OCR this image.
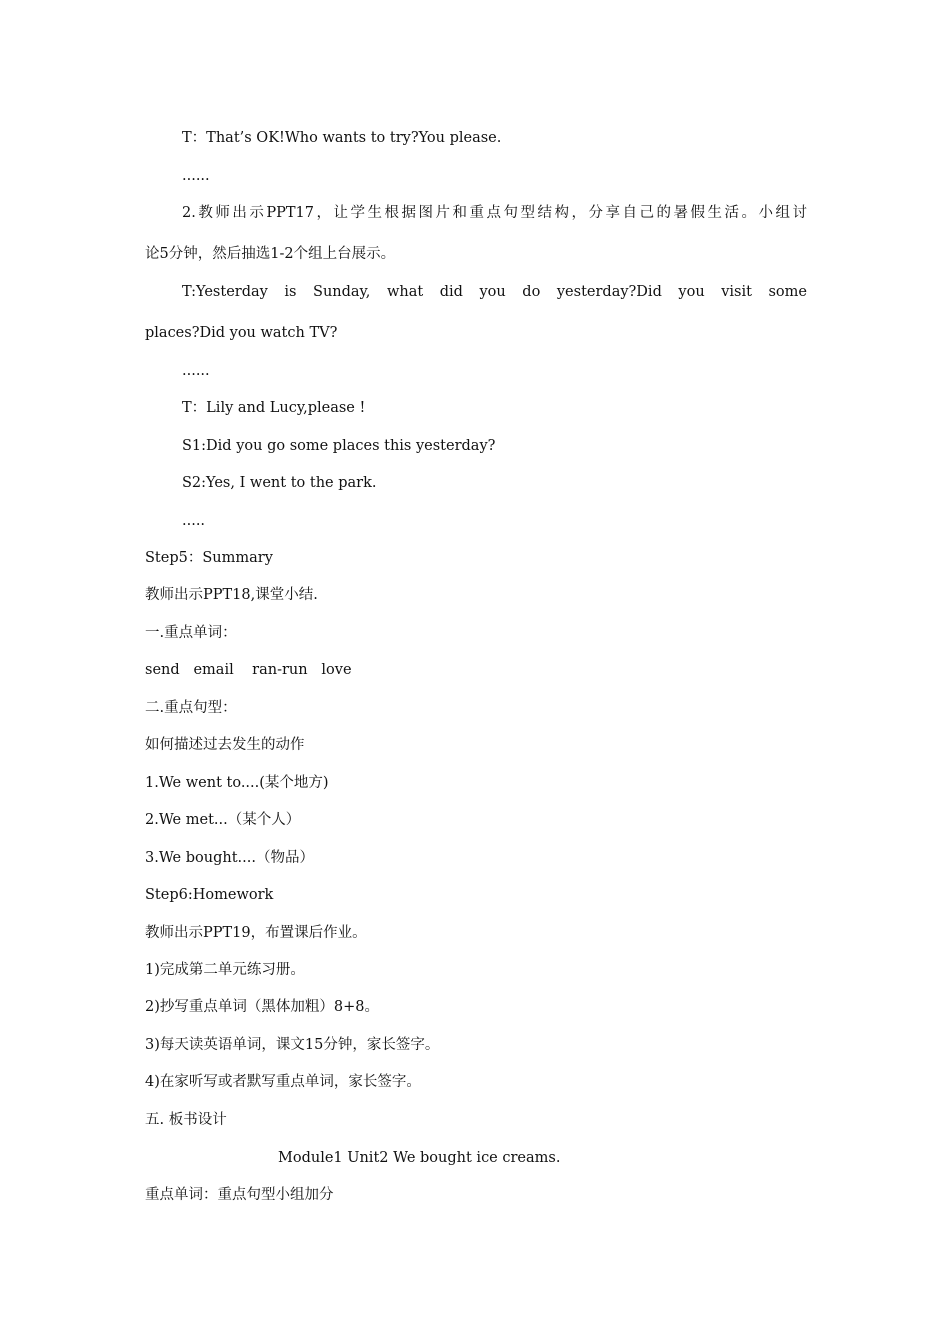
T：That’s OK!Who wants to try?You please.
......
2.教师出示PPT17，让学生根据图片和重点句型结构，分享自己的暑假生活。小组讨
论5分钟，然后抽选1-2个组上台展示。
T:Yesterday is Sunday, what did you do yesterday?Did you visit some
places?Did you watch TV?
......
T：Lily and Lucy,please !
S1:Did you go some places this yesterday?
S2:Yes, I went to the park.
.....
Step5：Summary
教师出示PPT18,课堂小结.
一.重点单词：
send   email    ran-run   love
二.重点句型：
如何描述过去发生的动作
1.We went to....(某个地方)
2.We met...（某个人）
3.We bought....（物品）
Step6:Homework
教师出示PPT19，布置课后作业。
1)完成第二单元练习册。
2)抄写重点单词（黑体加粗）8+8。
3)每天读英语单词，课文15分钟，家长签字。
4)在家听写或者默写重点单词，家长签字。
五. 板书设计
Module1 Unit2 We bought ice creams.
重点单词：重点句型小组加分
